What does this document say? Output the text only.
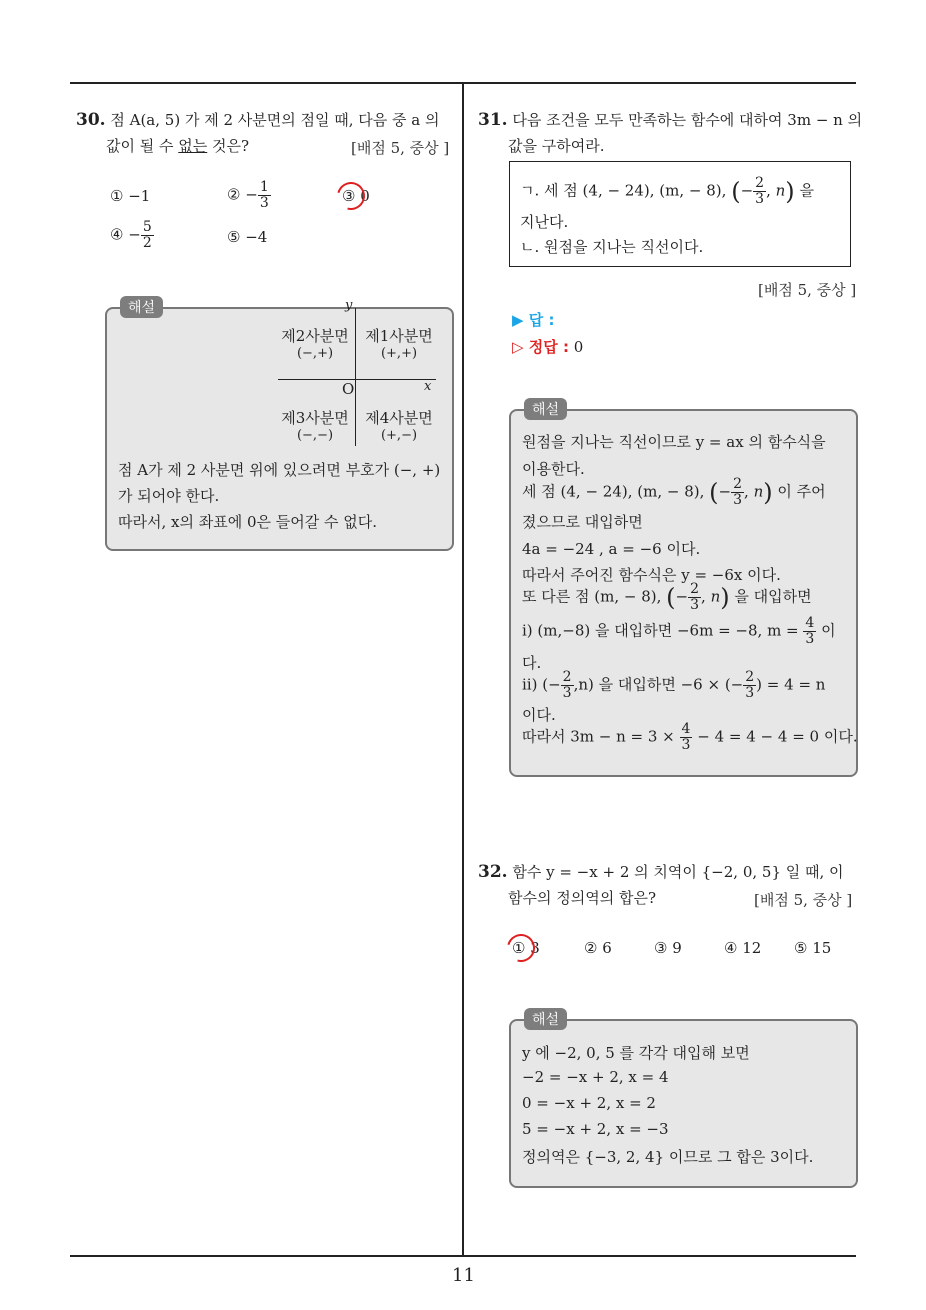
11
30. 점 A(a, 5) 가 제 2 사분면의 점일 때, 다음 중 a 의
값이 될 수 없는 것은?	[배점 5, 중상 ]
① −1	② − $\frac{1}{3}$	③ 0
④ − $\frac{5}{2}$	⑤ −4
해설	y
x
O
제2사분면
(−,+)
제1사분면
(+,+)
제3사분면
(−,−)
제4사분면
(+,−)
점 A가 제 2 사분면 위에 있으려면 부호가 (−, +)
가 되어야 한다.
따라서, x의 좌표에 0은 들어갈 수 없다.
31. 다음 조건을 모두 만족하는 함수에 대하여 3m − n 의
값을 구하여라.
ㄱ. 세 점 (4, − 24), (m, − 8), (− $\frac{2}{3}$ , n) 을
지난다.
ㄴ. 원점을 지나는 직선이다.
[배점 5, 중상 ]
▶ 답 :
▷ 정답 : 0
해설
원점을 지나는 직선이므로 y = ax 의 함수식을
이용한다.
세 점 (4, − 24), (m, − 8), (− $\frac{2}{3}$ , n) 이 주어
졌으므로 대입하면
4a = −24 , a = −6 이다.
따라서 주어진 함수식은 y = −6x 이다.
또 다른 점 (m, − 8), (− $\frac{2}{3}$ , n) 을 대입하면
ⅰ) (m,−8) 을 대입하면 −6m = −8, $m = \frac{4}{3}$ 이
다.
ⅱ) (− $\frac{2}{3} ,n$) 을 대입하면 −6 × (− $\frac{2}{3}$ ) = 4 = n
이다.
따라서 $3m - n = 3 \times \frac{4}{3} - 4 = 4 - 4 = 0$ 이다.
32. 함수 y = −x + 2 의 치역이 {−2, 0, 5} 일 때, 이
함수의 정의역의 합은?	[배점 5, 중상 ]
① 3	② 6	③ 9	④ 12 ⑤ 15
해설
y 에 −2, 0, 5 를 각각 대입해 보면
−2 = −x + 2, x = 4
0 = −x + 2, x = 2
5 = −x + 2, x = −3
정의역은 {−3, 2, 4} 이므로 그 합은 3이다.
